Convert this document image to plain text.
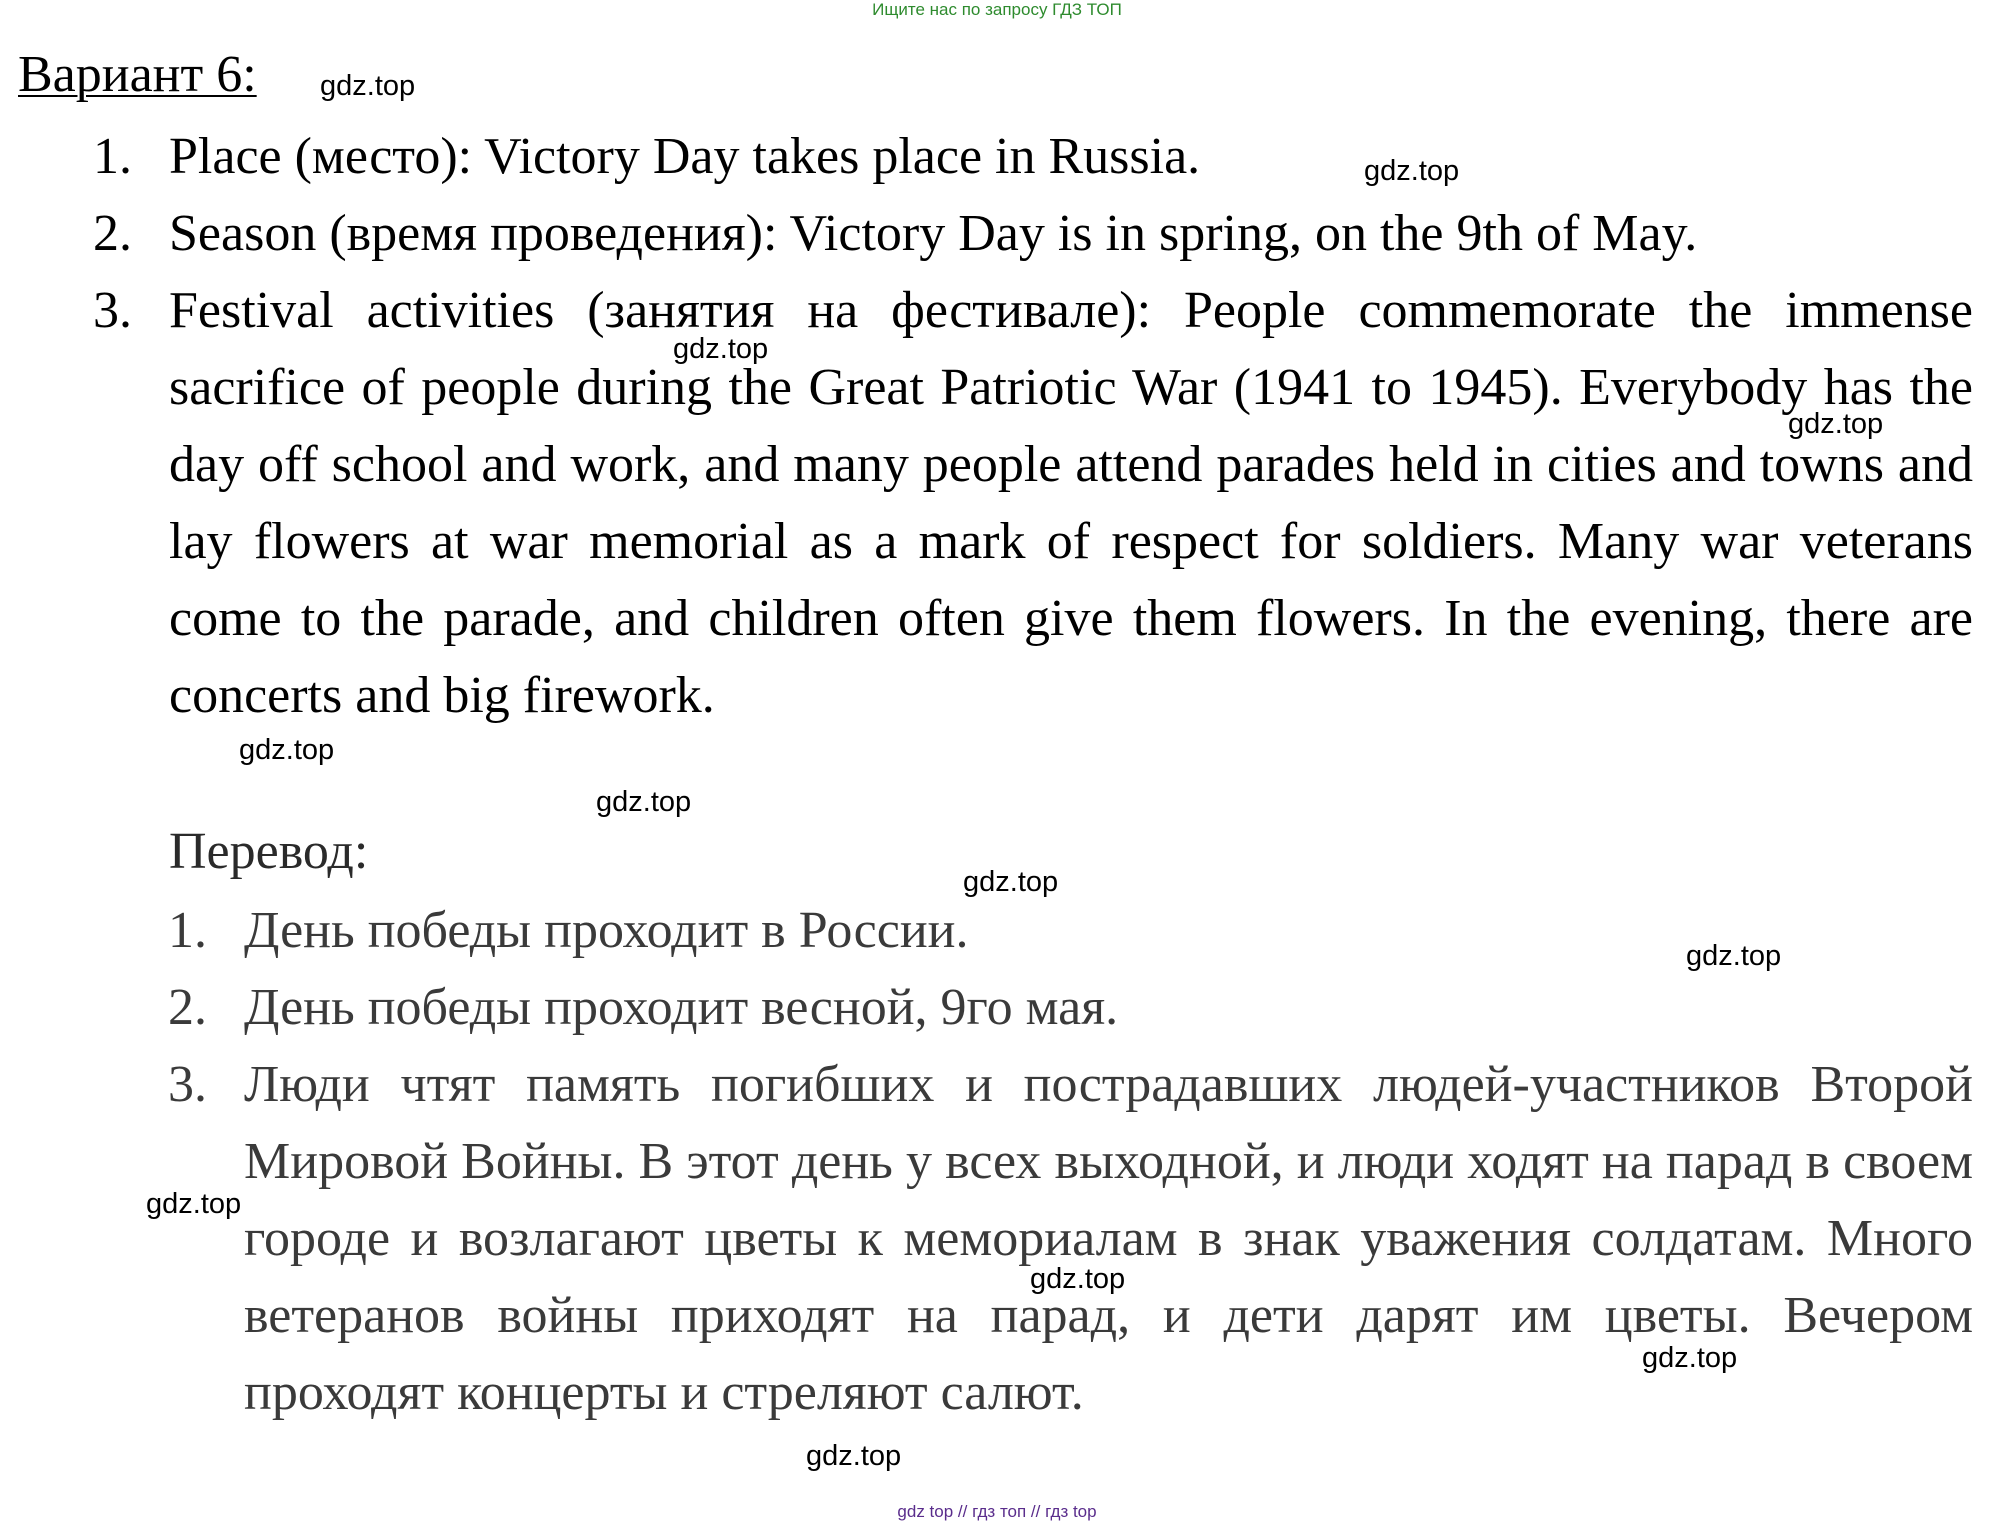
Ищите нас по запросу ГДЗ ТОП
Вариант 6:
1. Place (место): Victory Day takes place in Russia.
2. Season (время проведения): Victory Day is in spring, on the 9th of May.
3. Festival activities (занятия на фестивале): People commemorate the immense sacrifice of people during the Great Patriotic War (1941 to 1945). Everybody has the day off school and work, and many people attend parades held in cities and towns and lay flowers at war memorial as a mark of respect for soldiers. Many war veterans come to the parade, and children often give them flowers. In the evening, there are concerts and big firework.
Перевод:
1. День победы проходит в России.
2. День победы проходит весной, 9го мая.
3. Люди чтят память погибших и пострадавших людей-участников Второй Мировой Войны. В этот день у всех выходной, и люди ходят на парад в своем городе и возлагают цветы к мемориалам в знак уважения солдатам. Много ветеранов войны приходят на парад, и дети дарят им цветы. Вечером проходят концерты и стреляют салют.
gdz.top
gdz.top
gdz.top
gdz.top
gdz.top
gdz.top
gdz.top
gdz.top
gdz.top
gdz.top
gdz.top
gdz.top
gdz top // гдз топ // гдз top
